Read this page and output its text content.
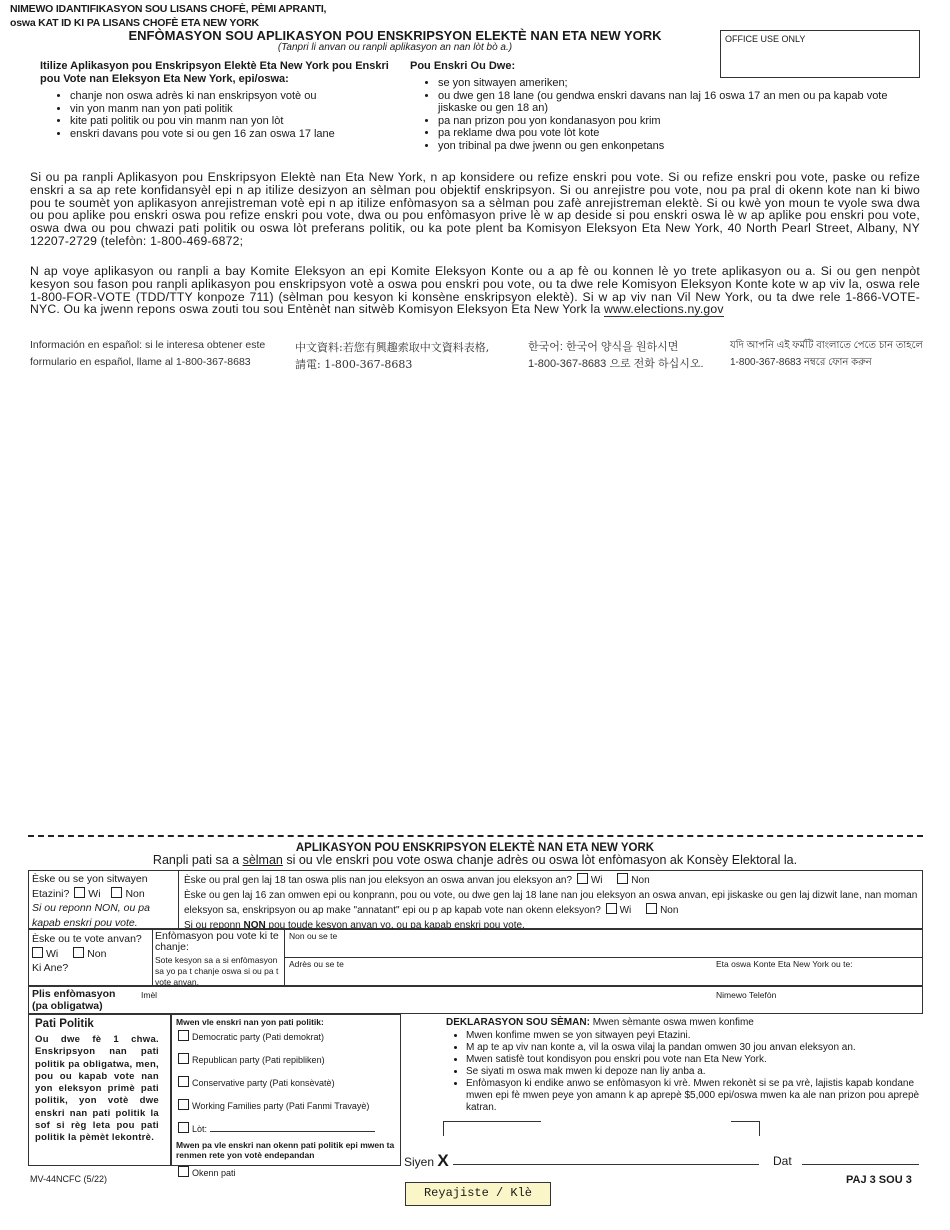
NIMEWO IDANTIFIKASYON SOU LISANS CHOFÈ, PÈMI APRANTI,
oswa KAT ID KI PA LISANS CHOFÈ ETA NEW YORK
ENFÒMASYON SOU APLIKASYON POU ENSKRIPSYON ELEKTÈ NAN ETA NEW YORK
(Tanpri li anvan ou ranpli aplikasyon an nan lòt bò a.)
OFFICE USE ONLY
Itilize Aplikasyon pou Enskripsyon Elektè Eta New York pou Enskri pou Vote nan Eleksyon Eta New York, epi/oswa:
• chanje non oswa adrès ki nan enskripsyon votè ou
• vin yon manm nan yon pati politik
• kite pati politik ou pou vin manm nan yon lòt
• enskri davans pou vote si ou gen 16 zan oswa 17 lane
Pou Enskri Ou Dwe:
• se yon sitwayen ameriken;
• ou dwe gen 18 lane (ou gendwa enskri davans nan laj 16 oswa 17 an men ou pa kapab vote jiskaske ou gen 18 an)
• pa nan prizon pou yon kondanasyon pou krim
• pa reklame dwa pou vote lòt kote
• yon tribinal pa dwe jwenn ou gen enkonpetans
Si ou pa ranpli Aplikasyon pou Enskripsyon Elektè nan Eta New York, n ap konsidere ou refize enskri pou vote. Si ou refize enskri pou vote, paske ou refize enskri a sa ap rete konfidansyèl epi n ap itilize desizyon an sèlman pou objektif enskripsyon. Si ou anrejistre pou vote, nou pa pral di okenn kote nan ki biwo pou te soumèt yon aplikasyon anrejistreman votè epi n ap itilize enfòmasyon sa a sèlman pou zafè anrejistreman elektè. Si ou kwè yon moun te vyole swa dwa ou pou aplike pou enskri oswa pou refize enskri pou vote, dwa ou pou enfòmasyon prive lè w ap deside si pou enskri oswa lè w ap aplike pou enskri pou vote, oswa dwa ou pou chwazi pati politik ou oswa lòt preferans politik, ou ka pote plent ba Komisyon Eleksyon Eta New York, 40 North Pearl Street, Albany, NY 12207-2729 (telefòn: 1-800-469-6872;
N ap voye aplikasyon ou ranpli a bay Komite Eleksyon an epi Komite Eleksyon Konte ou a ap fè ou konnen lè yo trete aplikasyon ou a. Si ou gen nenpòt kesyon sou fason pou ranpli aplikasyon pou enskripsyon votè a oswa pou enskri pou vote, ou ta dwe rele Komisyon Eleksyon Konte kote w ap viv la, oswa rele 1-800-FOR-VOTE (TDD/TTY konpoze 711) (sèlman pou kesyon ki konsène enskripsyon elektè). Si w ap viv nan Vil New York, ou ta dwe rele 1-866-VOTE-NYC. Ou ka jwenn repons oswa zouti tou sou Entènèt nan sitwèb Komisyon Eleksyon Eta New York la www.elections.ny.gov
Información en español: si le interesa obtener este
formulario en español, llame al 1-800-367-8683
中文資料:若您有興趣索取中文資料表格,
請電: 1-800-367-8683
한국어: 한국어 양식을 원하시면
1-800-367-8683 으로 전화 하십시오.
যদি আপনি এই ফর্মটি বাংলাতে পেতে চান তাহলে
1-800-367-8683 নম্বরে ফোন করুন
APLIKASYON POU ENSKRIPSYON ELEKTÈ NAN ETA NEW YORK
Ranpli pati sa a sèlman si ou vle enskri pou vote oswa chanje adrès ou oswa lòt enfòmasyon ak Konsèy Elektoral la.
Èske ou se yon sitwayen
Etazini? Wi Non
Si ou reponn NON, ou pa
kapab enskri pou vote.
Èske ou pral gen laj 18 tan oswa plis nan jou eleksyon an oswa anvan jou eleksyon an? Wi	Non
Èske ou gen laj 16 zan omwen epi ou konprann, pou ou vote, ou dwe gen laj 18 lane nan jou eleksyon an oswa anvan, epi jiskaske ou gen laj dizwit lane, nan moman eleksyon sa, enskripsyon ou ap make "annatant" epi ou p ap kapab vote nan okenn eleksyon? Wi	Non
Si ou reponn NON pou toude kesyon anvan yo, ou pa kapab enskri pou vote.
Èske ou te vote anvan?
Wi	Non
Ki Ane?
Enfòmasyon pou vote ki te chanje:
Sote kesyon sa a si enfòmasyon sa yo pa t chanje oswa si ou pa t vote anvan.
Non ou se te
Adrès ou se te	Eta oswa Konte Eta New York ou te:
Plis enfòmasyon
(pa obligatwa)
Imèl	Nimewo Telefòn
Pati Politik
Ou dwe fè 1 chwa. Enskripsyon nan pati politik pa obligatwa, men, pou ou kapab vote nan yon eleksyon primè pati politik, yon votè dwe enskri nan pati politik la sof si règ leta pou pati politik la pèmèt lekontrè.
Mwen vle enskri nan yon pati politik:
Democratic party (Pati demokrat)
Republican party (Pati repibliken)
Conservative party (Pati konsèvatè)
Working Families party (Pati Fanmi Travayè)
Lòt:
Mwen pa vle enskri nan okenn pati politik epi mwen ta renmen rete yon votè endepandan
Okenn pati
DEKLARASYON SOU SÈMAN: Mwen sèmante oswa mwen konfime
• Mwen konfime mwen se yon sitwayen peyi Etazini.
• M ap te ap viv nan konte a, vil la oswa vilaj la pandan omwen 30 jou anvan eleksyon an.
• Mwen satisfè tout kondisyon pou enskri pou vote nan Eta New York.
• Se siyati m oswa mak mwen ki depoze nan liy anba a.
• Enfòmasyon ki endike anwo se enfòmasyon ki vrè. Mwen rekonèt si se pa vrè, lajistis kapab kondane mwen epi fè mwen peye yon amann k ap aprepè $5,000 epi/oswa mwen ka ale nan prizon pou aprepè katran.
Siyen X	Dat
MV-44NCFC (5/22)	PAJ 3 SOU 3
Reyajiste / Klè
